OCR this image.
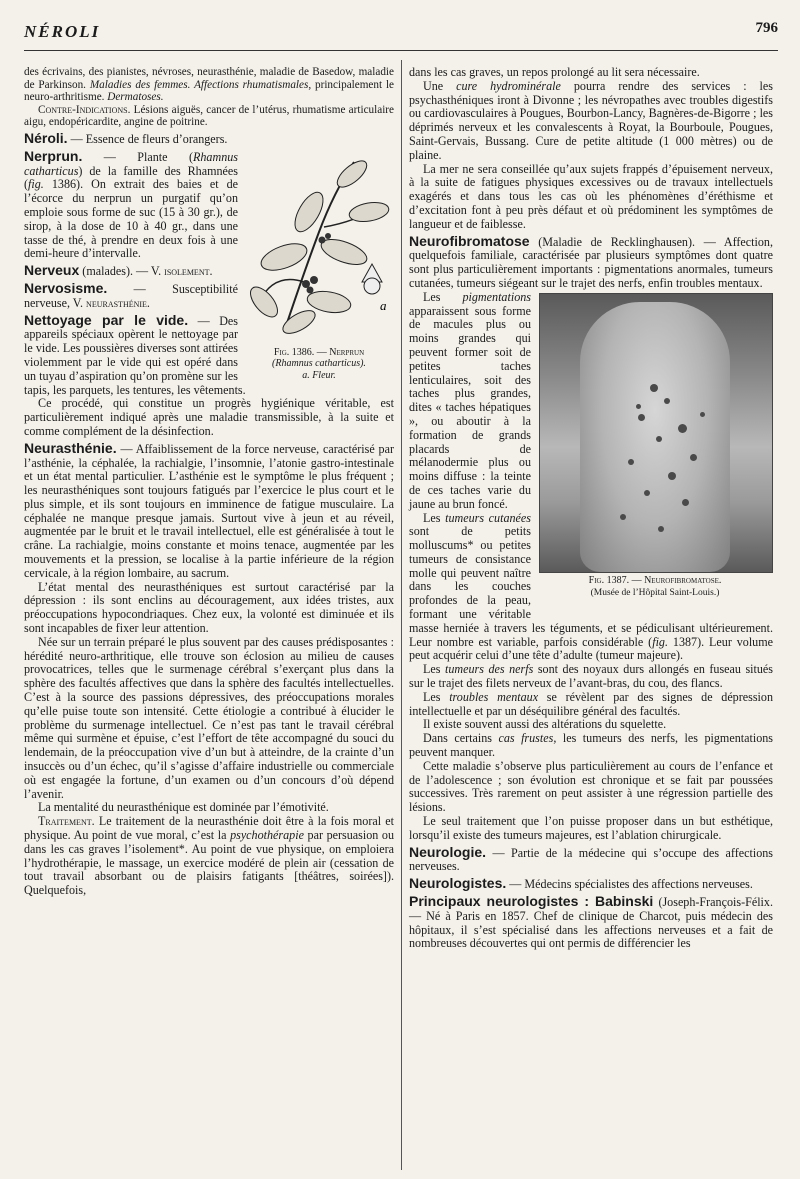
NÉROLI	796

des écrivains, des pianistes, névroses, neurasthénie, maladie de Basedow, maladie de Parkinson. Maladies des femmes. Affections rhumatismales, principalement le neuro-arthritisme. Dermatoses.

Contre-Indications. Lésions aiguës, cancer de l’utérus, rhumatisme articulaire aigu, endopéricardite, angine de poitrine.

Néroli. — Essence de fleurs d’orangers.

a
Fig. 1386. — Nerprun
(Rhamnus catharticus).
a. Fleur.
Nerprun. — Plante (Rhamnus catharticus) de la famille des Rhamnées (fig. 1386). On extrait des baies et de l’écorce du nerprun un purgatif qu’on emploie sous forme de suc (15 à 30 gr.), de sirop, à la dose de 10 à 40 gr., dans une tasse de thé, à prendre en deux fois à une demi-heure d’intervalle.

Nerveux (malades). — V. isolement.

Nervosisme. — Susceptibilité nerveuse, V. neurasthénie.

Nettoyage par le vide. — Des appareils spéciaux opèrent le nettoyage par le vide. Les poussières diverses sont attirées violemment par le vide qui est opéré dans un tuyau d’aspiration qu’on promène sur les tapis, les parquets, les tentures, les vêtements.

Ce procédé, qui constitue un progrès hygiénique véritable, est particulièrement indiqué après une maladie transmissible, à la suite et comme complément de la désinfection.

Neurasthénie. — Affaiblissement de la force nerveuse, caractérisé par l’asthénie, la céphalée, la rachialgie, l’insomnie, l’atonie gastro-intestinale et un état mental particulier. L’asthénie est le symptôme le plus fréquent ; les neurasthéniques sont toujours fatigués par l’exercice le plus court et le plus simple, et ils sont toujours en imminence de fatigue musculaire. La céphalée ne manque presque jamais. Surtout vive à jeun et au réveil, augmentée par le bruit et le travail intellectuel, elle est généralisée à tout le crâne. La rachialgie, moins constante et moins tenace, augmentée par les mouvements et la pression, se localise à la partie inférieure de la région cervicale, à la région lombaire, au sacrum.

L’état mental des neurasthéniques est surtout caractérisé par la dépression : ils sont enclins au découragement, aux idées tristes, aux préoccupations hypocondriaques. Chez eux, la volonté est diminuée et ils sont incapables de fixer leur attention.

Née sur un terrain préparé le plus souvent par des causes prédisposantes : hérédité neuro-arthritique, elle trouve son éclosion au milieu de causes provocatrices, telles que le surmenage cérébral s’exerçant plus dans la sphère des facultés affectives que dans la sphère des facultés intellectuelles. C’est à la source des passions dépressives, des préoccupations morales qu’elle puise toute son intensité. Cette étiologie a contribué à élucider le problème du surmenage intellectuel. Ce n’est pas tant le travail cérébral même qui surmène et épuise, c’est l’effort de tête accompagné du souci du lendemain, de la préoccupation vive d’un but à atteindre, de la crainte d’un insuccès ou d’un échec, qu’il s’agisse d’affaire industrielle ou commerciale où est engagée la fortune, d’un examen ou d’un concours d’où dépend l’avenir.

La mentalité du neurasthénique est dominée par l’émotivité.

Traitement. Le traitement de la neurasthénie doit être à la fois moral et physique. Au point de vue moral, c’est la psychothérapie par persuasion ou dans les cas graves l’isolement*. Au point de vue physique, on emploiera l’hydrothérapie, le massage, un exercice modéré de plein air (cessation de tout travail absorbant ou de plaisirs fatigants [théâtres, soirées]). Quelquefois,

dans les cas graves, un repos prolongé au lit sera nécessaire.

Une cure hydrominérale pourra rendre des services : les psychasthéniques iront à Divonne ; les névropathes avec troubles digestifs ou cardiovasculaires à Pougues, Bourbon-Lancy, Bagnères-de-Bigorre ; les déprimés nerveux et les convalescents à Royat, la Bourboule, Pougues, Saint-Gervais, Bussang. Cure de petite altitude (1 000 mètres) ou de plaine.

La mer ne sera conseillée qu’aux sujets frappés d’épuisement nerveux, à la suite de fatigues physiques excessives ou de travaux intellectuels exagérés et dans tous les cas où les phénomènes d’éréthisme et d’excitation font à peu près défaut et où prédominent les symptômes de langueur et de faiblesse.

Neurofibromatose (Maladie de Recklinghausen). — Affection, quelquefois familiale, caractérisée par plusieurs symptômes dont quatre sont plus particulièrement importants : pigmentations anormales, tumeurs cutanées, tumeurs siégeant sur le trajet des nerfs, enfin troubles mentaux.

Fig. 1387. — Neurofibromatose.
(Musée de l’Hôpital Saint-Louis.)

Les pigmentations apparaissent sous forme de macules plus ou moins grandes qui peuvent former soit de petites taches lenticulaires, soit des taches plus grandes, dites « taches hépatiques », ou aboutir à la formation de grands placards de mélanodermie plus ou moins diffuse : la teinte de ces taches varie du jaune au brun foncé.

Les tumeurs cutanées sont de petits molluscums* ou petites tumeurs de consistance molle qui peuvent naître dans les couches profondes de la peau, formant une véritable masse herniée à travers les téguments, et se pédiculisant ultérieurement. Leur nombre est variable, parfois considérable (fig. 1387). Leur volume peut acquérir celui d’une tête d’adulte (tumeur majeure).

Les tumeurs des nerfs sont des noyaux durs allongés en fuseau situés sur le trajet des filets nerveux de l’avant-bras, du cou, des flancs.

Les troubles mentaux se révèlent par des signes de dépression intellectuelle et par un déséquilibre général des facultés.

Il existe souvent aussi des altérations du squelette.

Dans certains cas frustes, les tumeurs des nerfs, les pigmentations peuvent manquer.

Cette maladie s’observe plus particulièrement au cours de l’enfance et de l’adolescence ; son évolution est chronique et se fait par poussées successives. Très rarement on peut assister à une régression partielle des lésions.

Le seul traitement que l’on puisse proposer dans un but esthétique, lorsqu’il existe des tumeurs majeures, est l’ablation chirurgicale.

Neurologie. — Partie de la médecine qui s’occupe des affections nerveuses.

Neurologistes. — Médecins spécialistes des affections nerveuses.

Principaux neurologistes : Babinski (Joseph-François-Félix. — Né à Paris en 1857. Chef de clinique de Charcot, puis médecin des hôpitaux, il s’est spécialisé dans les affections nerveuses et a fait de nombreuses découvertes qui ont permis de différencier les
